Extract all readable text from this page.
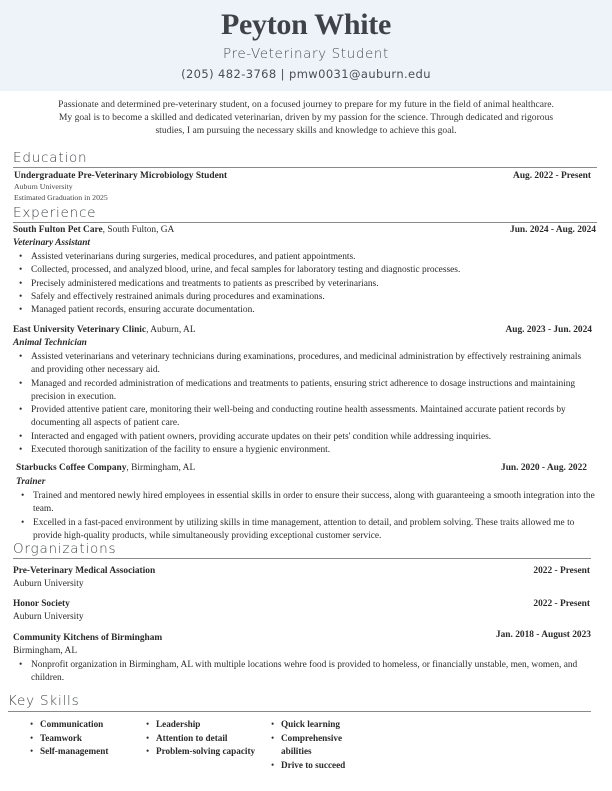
Peyton White
Pre-Veterinary Student
(205) 482-3768 | pmw0031@auburn.edu
Passionate and determined pre-veterinary student, on a focused journey to prepare for my future in the field of animal healthcare. My goal is to become a skilled and dedicated veterinarian, driven by my passion for the science. Through dedicated and rigorous studies, I am pursuing the necessary skills and knowledge to achieve this goal.
Education
Undergraduate Pre-Veterinary Microbiology Student	Aug. 2022 - Present
Auburn University
Estimated Graduation in 2025
Experience
South Fulton Pet Care, South Fulton, GA	Jun. 2024 - Aug. 2024
Veterinary Assistant
• Assisted veterinarians during surgeries, medical procedures, and patient appointments.
• Collected, processed, and analyzed blood, urine, and fecal samples for laboratory testing and diagnostic processes.
• Precisely administered medications and treatments to patients as prescribed by veterinarians.
• Safely and effectively restrained animals during procedures and examinations.
• Managed patient records, ensuring accurate documentation.
East University Veterinary Clinic, Auburn, AL	Aug. 2023 - Jun. 2024
Animal Technician
• Assisted veterinarians and veterinary technicians during examinations, procedures, and medicinal administration by effectively restraining animals and providing other necessary aid.
• Managed and recorded administration of medications and treatments to patients, ensuring strict adherence to dosage instructions and maintaining precision in execution.
• Provided attentive patient care, monitoring their well-being and conducting routine health assessments. Maintained accurate patient records by documenting all aspects of patient care.
• Interacted and engaged with patient owners, providing accurate updates on their pets' condition while addressing inquiries.
• Executed thorough sanitization of the facility to ensure a hygienic environment.
Starbucks Coffee Company, Birmingham, AL	Jun. 2020 - Aug. 2022
Trainer
• Trained and mentored newly hired employees in essential skills in order to ensure their success, along with guaranteeing a smooth integration into the team.
• Excelled in a fast-paced environment by utilizing skills in time management, attention to detail, and problem solving. These traits allowed me to provide high-quality products, while simultaneously providing exceptional customer service.
Organizations
Pre-Veterinary Medical Association	2022 - Present
Auburn University
Honor Society	2022 - Present
Auburn University
Community Kitchens of Birmingham	Jan. 2018 - August 2023
Birmingham, AL
• Nonprofit organization in Birmingham, AL with multiple locations wehre food is provided to homeless, or financially unstable, men, women, and children.
Key Skills
• Communication
• Teamwork
• Self-management
• Leadership
• Attention to detail
• Problem-solving capacity
• Quick learning
• Comprehensive abilities
• Drive to succeed
